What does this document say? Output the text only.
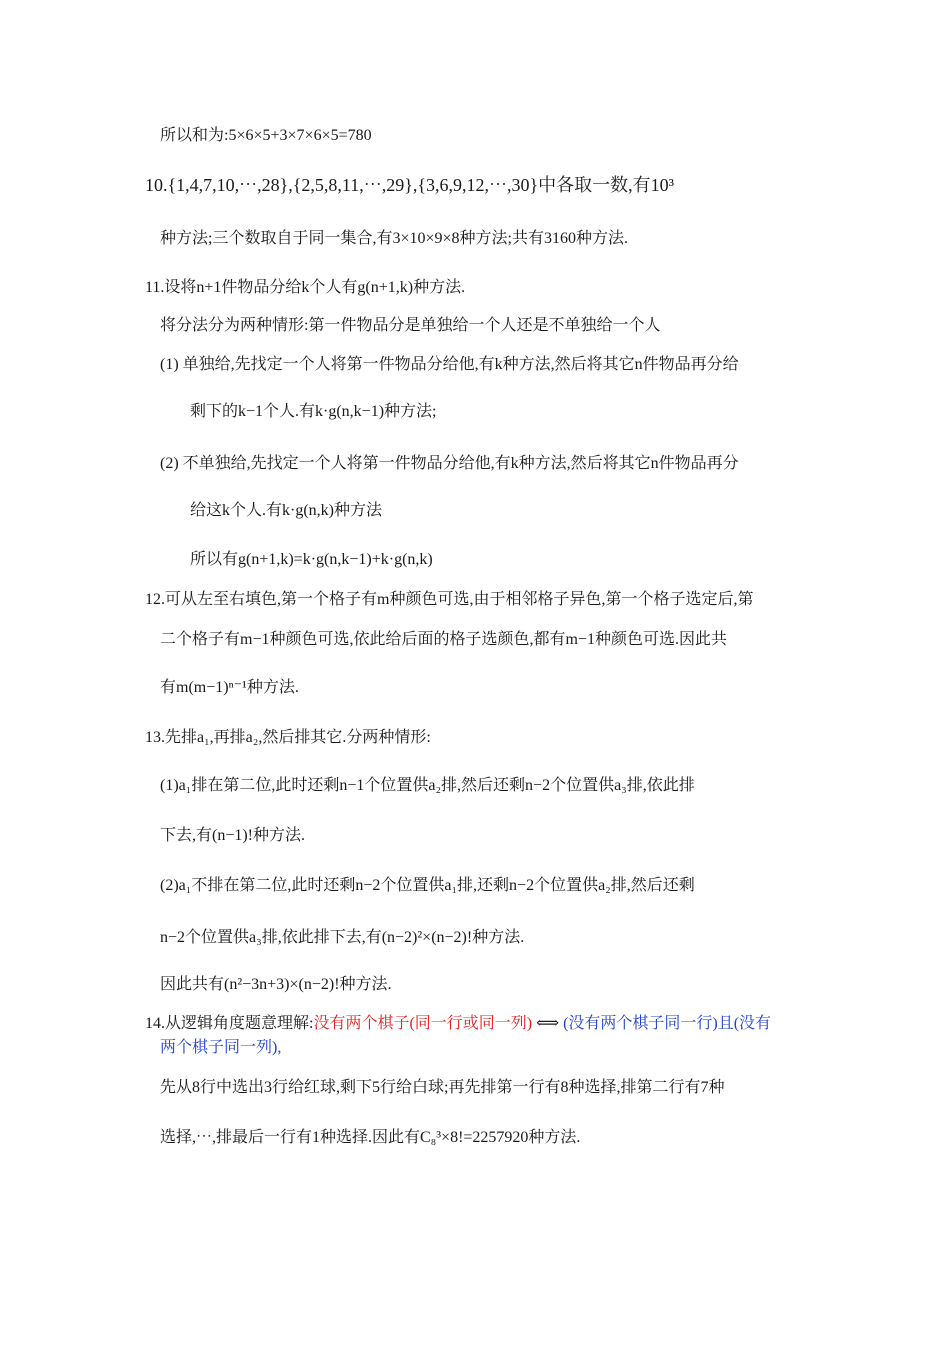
所以和为:5×6×5+3×7×6×5=780
10.{1,4,7,10,⋯,28},{2,5,8,11,⋯,29},{3,6,9,12,⋯,30}中各取一数,有10³
种方法;三个数取自于同一集合,有3×10×9×8种方法;共有3160种方法.
11.设将n+1件物品分给k个人有g(n+1,k)种方法.
将分法分为两种情形:第一件物品分是单独给一个人还是不单独给一个人
(1) 单独给,先找定一个人将第一件物品分给他,有k种方法,然后将其它n件物品再分给
剩下的k−1个人.有k·g(n,k−1)种方法;
(2) 不单独给,先找定一个人将第一件物品分给他,有k种方法,然后将其它n件物品再分
给这k个人.有k·g(n,k)种方法
所以有g(n+1,k)=k·g(n,k−1)+k·g(n,k)
12.可从左至右填色,第一个格子有m种颜色可选,由于相邻格子异色,第一个格子选定后,第
二个格子有m−1种颜色可选,依此给后面的格子选颜色,都有m−1种颜色可选.因此共
有m(m−1)ⁿ⁻¹种方法.
13.先排a₁,再排a₂,然后排其它.分两种情形:
(1)a₁排在第二位,此时还剩n−1个位置供a₂排,然后还剩n−2个位置供a₃排,依此排
下去,有(n−1)!种方法.
(2)a₁不排在第二位,此时还剩n−2个位置供a₁排,还剩n−2个位置供a₂排,然后还剩
n−2个位置供a₃排,依此排下去,有(n−2)²×(n−2)!种方法.
因此共有(n²−3n+3)×(n−2)!种方法.
14.从逻辑角度题意理解:没有两个棋子(同一行或同一列) ⟺ (没有两个棋子同一行)且(没有
两个棋子同一列),
先从8行中选出3行给红球,剩下5行给白球;再先排第一行有8种选择,排第二行有7种
选择,⋯,排最后一行有1种选择.因此有C₈³×8!=2257920种方法.
